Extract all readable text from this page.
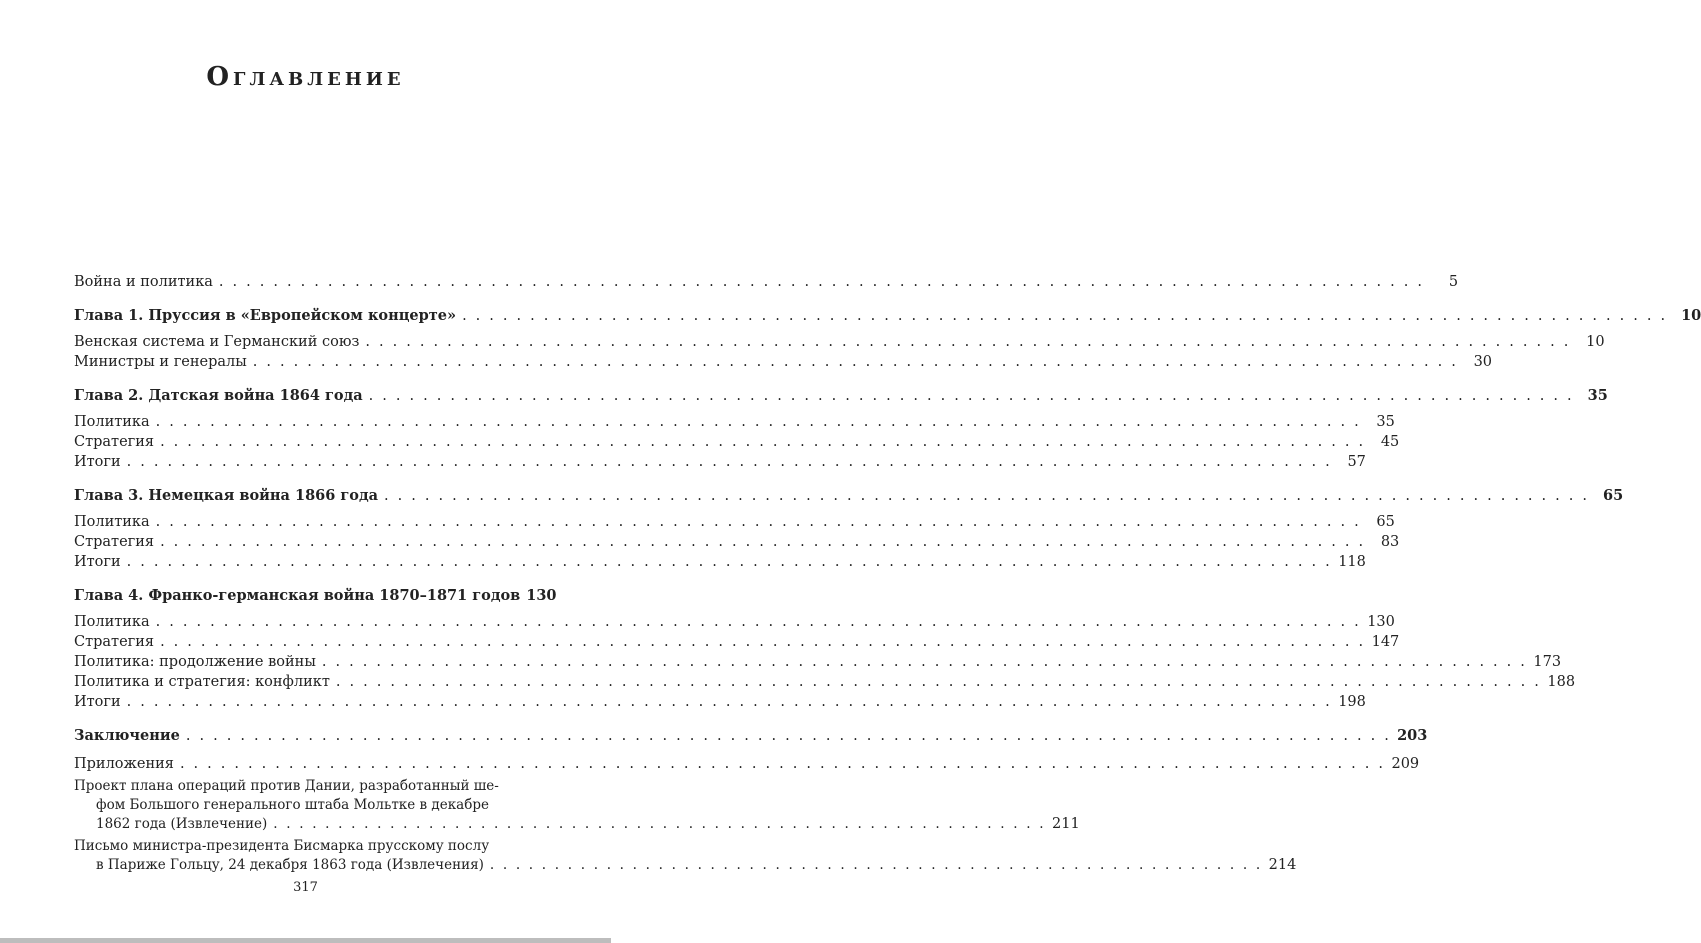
Оглавление
Война и политика . . .	5
Глава 1. Пруссия в «Европейском концерте» . . .	10
Венская система и Германский союз . . .	10
Министры и генералы . . .	30
Глава 2. Датская война 1864 года . . .	35
Политика . . .	35
Стратегия . . .	45
Итоги . . .	57
Глава 3. Немецкая война 1866 года . . .	65
Политика . . .	65
Стратегия . . .	83
Итоги . . .	118
Глава 4. Франко-германская война 1870–1871 годов 130
Политика . . .	130
Стратегия . . .	147
Политика: продолжение войны . . .	173
Политика и стратегия: конфликт . . .	188
Итоги . . .	198
Заключение . . .	203
Приложения . . .	209
Проект плана операций против Дании, разработанный ше-
фом Большого генерального штаба Мольтке в декабре
1862 года (Извлечение) . . .	211
Письмо министра-президента Бисмарка прусскому послу
в Париже Гольцу, 24 декабря 1863 года (Извлечения) . . .	214
317
